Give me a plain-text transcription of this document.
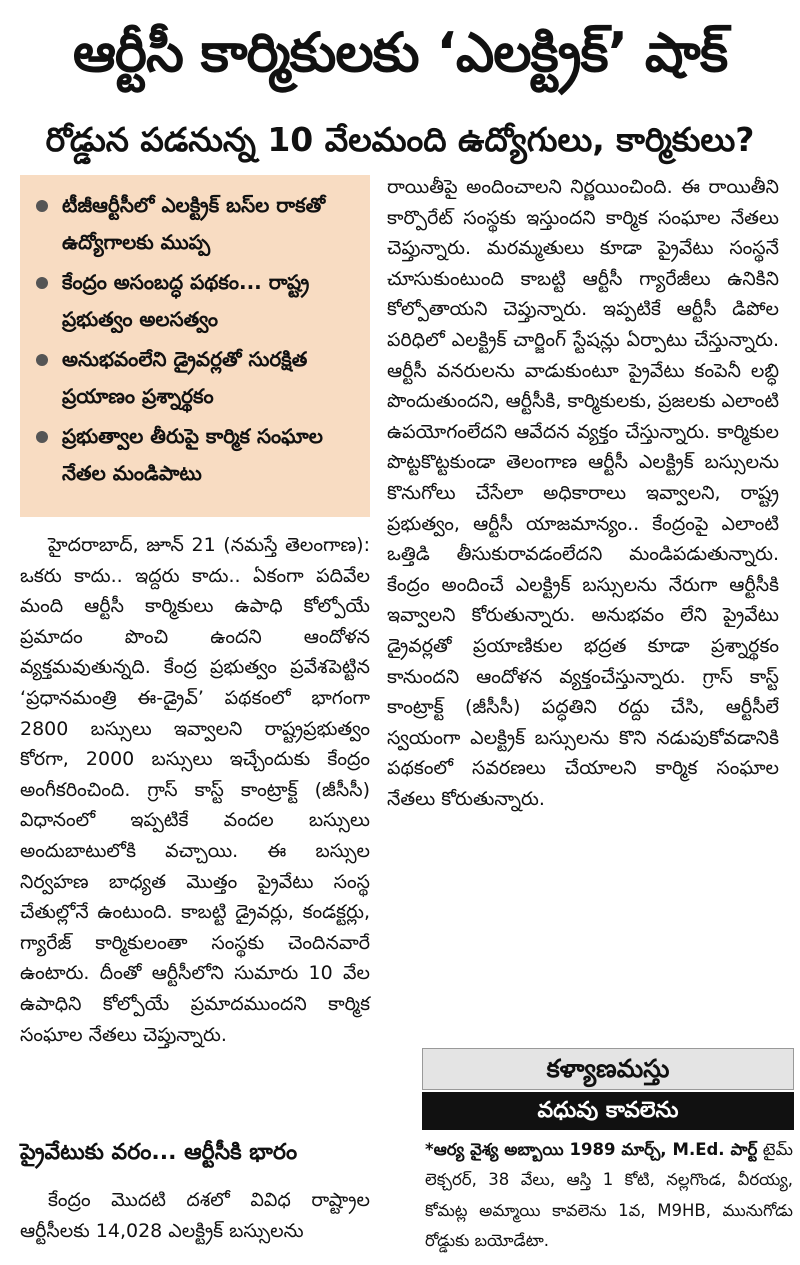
ఆర్టీసీ కార్మికులకు ‘ఎలక్ట్రిక్’ షాక్
రోడ్డున పడనున్న 10 వేలమంది ఉద్యోగులు, కార్మికులు?
టీజీఆర్టీసీలో ఎలక్ట్రిక్ బస్‌ల రాకతో ఉద్యోగాలకు ముప్ప
కేంద్రం అసంబద్ధ పథకం... రాష్ట్ర ప్రభుత్వం అలసత్వం
అనుభవంలేని డ్రైవర్లతో సురక్షిత ప్రయాణం ప్రశ్నార్థకం
ప్రభుత్వాల తీరుపై కార్మిక సంఘాల నేతల మండిపాటు

హైదరాబాద్, జూన్ 21 (నమస్తే తెలంగాణ): ఒకరు కాదు.. ఇద్దరు కాదు.. ఏకంగా పదివేల మంది ఆర్టీసీ కార్మికులు ఉపాధి కోల్పోయే ప్రమాదం పొంచి ఉందని ఆందోళన వ్యక్తమవుతున్నది. కేంద్ర ప్రభుత్వం ప్రవేశపెట్టిన ‘ప్రధానమంత్రి ఈ-డ్రైవ్’ పథకంలో భాగంగా 2800 బస్సులు ఇవ్వాలని రాష్ట్రప్రభుత్వం కోరగా, 2000 బస్సులు ఇచ్చేందుకు కేంద్రం అంగీకరించింది. గ్రాస్ కాస్ట్ కాంట్రాక్ట్ (జీసీసీ) విధానంలో ఇప్పటికే వందల బస్సులు అందుబాటులోకి వచ్చాయి. ఈ బస్సుల నిర్వహణ బాధ్యత మొత్తం ప్రైవేటు సంస్థ చేతుల్లోనే ఉంటుంది. కాబట్టి డ్రైవర్లు, కండక్టర్లు, గ్యారేజ్ కార్మికులంతా సంస్థకు చెందినవారే ఉంటారు. దీంతో ఆర్టీసీలోని సుమారు 10 వేల ఉపాధిని కోల్పోయే ప్రమాదముందని కార్మిక సంఘాల నేతలు చెప్తున్నారు.

ప్రైవేటుకు వరం... ఆర్టీసీకి భారం

కేంద్రం మొదటి దశలో వివిధ రాష్ట్రాల ఆర్టీసీలకు 14,028 ఎలక్ట్రిక్ బస్సులను

రాయితీపై అందించాలని నిర్ణయించింది. ఈ రాయితీని కార్పొరేట్ సంస్థకు ఇస్తుందని కార్మిక సంఘాల నేతలు చెప్తున్నారు. మరమ్మతులు కూడా ప్రైవేటు సంస్థనే చూసుకుంటుంది కాబట్టి ఆర్టీసీ గ్యారేజీలు ఉనికిని కోల్పోతాయని చెప్తున్నారు. ఇప్పటికే ఆర్టీసీ డిపోల పరిధిలో ఎలక్ట్రిక్ చార్జింగ్ స్టేషన్లు ఏర్పాటు చేస్తున్నారు. ఆర్టీసీ వనరులను వాడుకుంటూ ప్రైవేటు కంపెనీ లబ్ధి పొందుతుందని, ఆర్టీసీకి, కార్మికులకు, ప్రజలకు ఎలాంటి ఉపయోగంలేదని ఆవేదన వ్యక్తం చేస్తున్నారు. కార్మికుల పొట్టకొట్టకుండా తెలంగాణ ఆర్టీసీ ఎలక్ట్రిక్ బస్సులను కొనుగోలు చేసేలా అధికారాలు ఇవ్వాలని, రాష్ట్ర ప్రభుత్వం, ఆర్టీసీ యాజమాన్యం.. కేంద్రంపై ఎలాంటి ఒత్తిడి తీసుకురావడంలేదని మండిపడుతున్నారు. కేంద్రం అందించే ఎలక్ట్రిక్ బస్సులను నేరుగా ఆర్టీసీకి ఇవ్వాలని కోరుతున్నారు. అనుభవం లేని ప్రైవేటు డ్రైవర్లతో ప్రయాణికుల భద్రత కూడా ప్రశ్నార్థకం కానుందని ఆందోళన వ్యక్తంచేస్తున్నారు. గ్రాస్ కాస్ట్ కాంట్రాక్ట్ (జీసీసీ) పద్ధతిని రద్దు చేసి, ఆర్టీసీలే స్వయంగా ఎలక్ట్రిక్ బస్సులను కొని నడుపుకోవడానికి పథకంలో సవరణలు చేయాలని కార్మిక సంఘాల నేతలు కోరుతున్నారు.

కళ్యాణమస్తు
వధువు కావలెను
*ఆర్య వైశ్య అబ్బాయి 1989 మార్చ్, M.Ed. పార్ట్ టైమ్ లెక్చరర్, 38 వేలు, ఆస్తి 1 కోటి, నల్లగొండ, వీరయ్య, కోమట్ల అమ్మాయి కావలెను 1వ, M9HB, మునుగోడు రోడ్డుకు బయోడేటా.
